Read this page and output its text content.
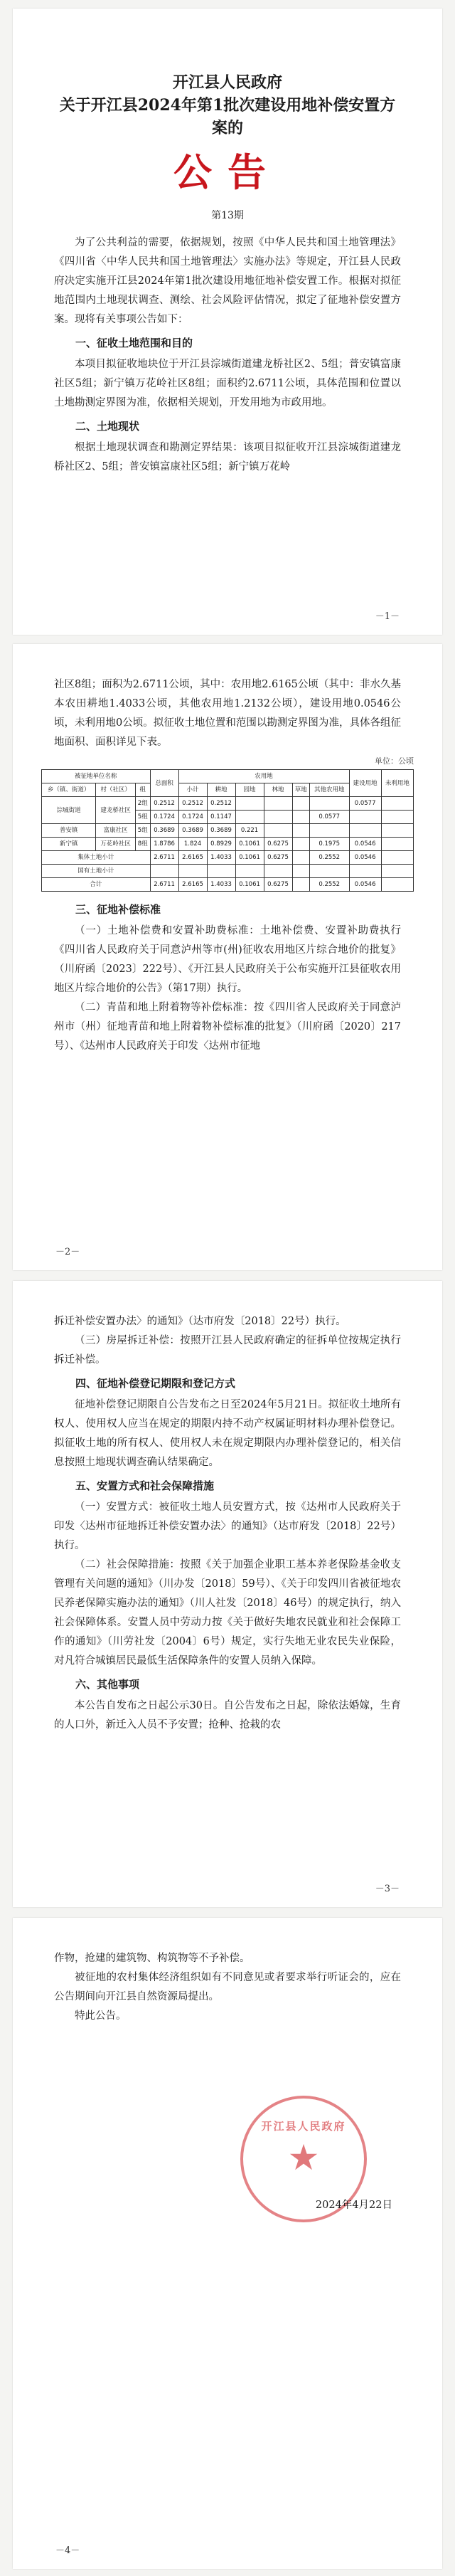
开江县人民政府
关于开江县2024年第1批次建设用地补偿安置方案的
公告
第13期

为了公共利益的需要，依据规划，按照《中华人民共和国土地管理法》《四川省〈中华人民共和国土地管理法〉实施办法》等规定，开江县人民政府决定实施开江县2024年第1批次建设用地征地补偿安置工作。根据对拟征地范围内土地现状调查、测绘、社会风险评估情况，拟定了征地补偿安置方案。现将有关事项公告如下：

一、征收土地范围和目的

本项目拟征收地块位于开江县淙城街道建龙桥社区2、5组；普安镇富康社区5组；新宁镇万花岭社区8组；面积约2.6711公顷，具体范围和位置以土地勘测定界图为准，依据相关规划，开发用地为市政用地。

二、土地现状

根据土地现状调查和勘测定界结果：该项目拟征收开江县淙城街道建龙桥社区2、5组；普安镇富康社区5组；新宁镇万花岭

－1－

社区8组；面积为2.6711公顷，其中：农用地2.6165公顷（其中：非水久基本农田耕地1.4033公顷，其他农用地1.2132公顷），建设用地0.0546公顷，未利用地0公顷。拟征收土地位置和范围以勘测定界图为准，具体各组征地面积、面积详见下表。

单位：公顷
被征地单位名称			总面积	农用地						建设用地	未利用地
乡（镇、街道）	村（社区）	组		小计	耕地	园地	林地	草地	其他农用地		
淙城街道	建龙桥社区	2组	0.2512	0.2512	0.2512					0.0577	
		5组	0.1724	0.1724	0.1147				0.0577		
普安镇	富康社区	5组	0.3689	0.3689	0.3689	0.221					
新宁镇	万花岭社区	8组	1.8786	1.824	0.8929	0.1061	0.6275		0.1975	0.0546	
集体土地小计			2.6711	2.6165	1.4033	0.1061	0.6275		0.2552	0.0546	
国有土地小计											
合计			2.6711	2.6165	1.4033	0.1061	0.6275		0.2552	0.0546	
三、征地补偿标准

（一）土地补偿费和安置补助费标准：土地补偿费、安置补助费执行《四川省人民政府关于同意泸州等市(州)征收农用地区片综合地价的批复》（川府函〔2023〕222号）、《开江县人民政府关于公布实施开江县征收农用地区片综合地价的公告》（第17期）执行。

（二）青苗和地上附着物等补偿标准：按《四川省人民政府关于同意泸州市（州）征地青苗和地上附着物补偿标准的批复》（川府函〔2020〕217号）、《达州市人民政府关于印发〈达州市征地

－2－

拆迁补偿安置办法〉的通知》（达市府发〔2018〕22号）执行。

（三）房屋拆迁补偿：按照开江县人民政府确定的征拆单位按规定执行拆迁补偿。

四、征地补偿登记期限和登记方式

征地补偿登记期限自公告发布之日至2024年5月21日。拟征收土地所有权人、使用权人应当在规定的期限内持不动产权属证明材料办理补偿登记。拟征收土地的所有权人、使用权人未在规定期限内办理补偿登记的，相关信息按照土地现状调查确认结果确定。

五、安置方式和社会保障措施

（一）安置方式：被征收土地人员安置方式，按《达州市人民政府关于印发〈达州市征地拆迁补偿安置办法〉的通知》（达市府发〔2018〕22号）执行。

（二）社会保障措施：按照《关于加强企业职工基本养老保险基金收支管理有关问题的通知》（川办发〔2018〕59号）、《关于印发四川省被征地农民养老保障实施办法的通知》（川人社发〔2018〕46号）的规定执行，纳入社会保障体系。安置人员中劳动力按《关于做好失地农民就业和社会保障工作的通知》（川劳社发〔2004〕6号）规定，实行失地无业农民失业保险，对凡符合城镇居民最低生活保障条件的安置人员纳入保障。

六、其他事项

本公告自发布之日起公示30日。自公告发布之日起，除依法婚嫁，生育的人口外，新迁入人员不予安置；抢种、抢栽的农

－3－

作物，抢建的建筑物、构筑物等不予补偿。

被征地的农村集体经济组织如有不同意见或者要求举行听证会的，应在公告期间向开江县自然资源局提出。

特此公告。

开江县人民政府
★
2024年4月22日
－4－
